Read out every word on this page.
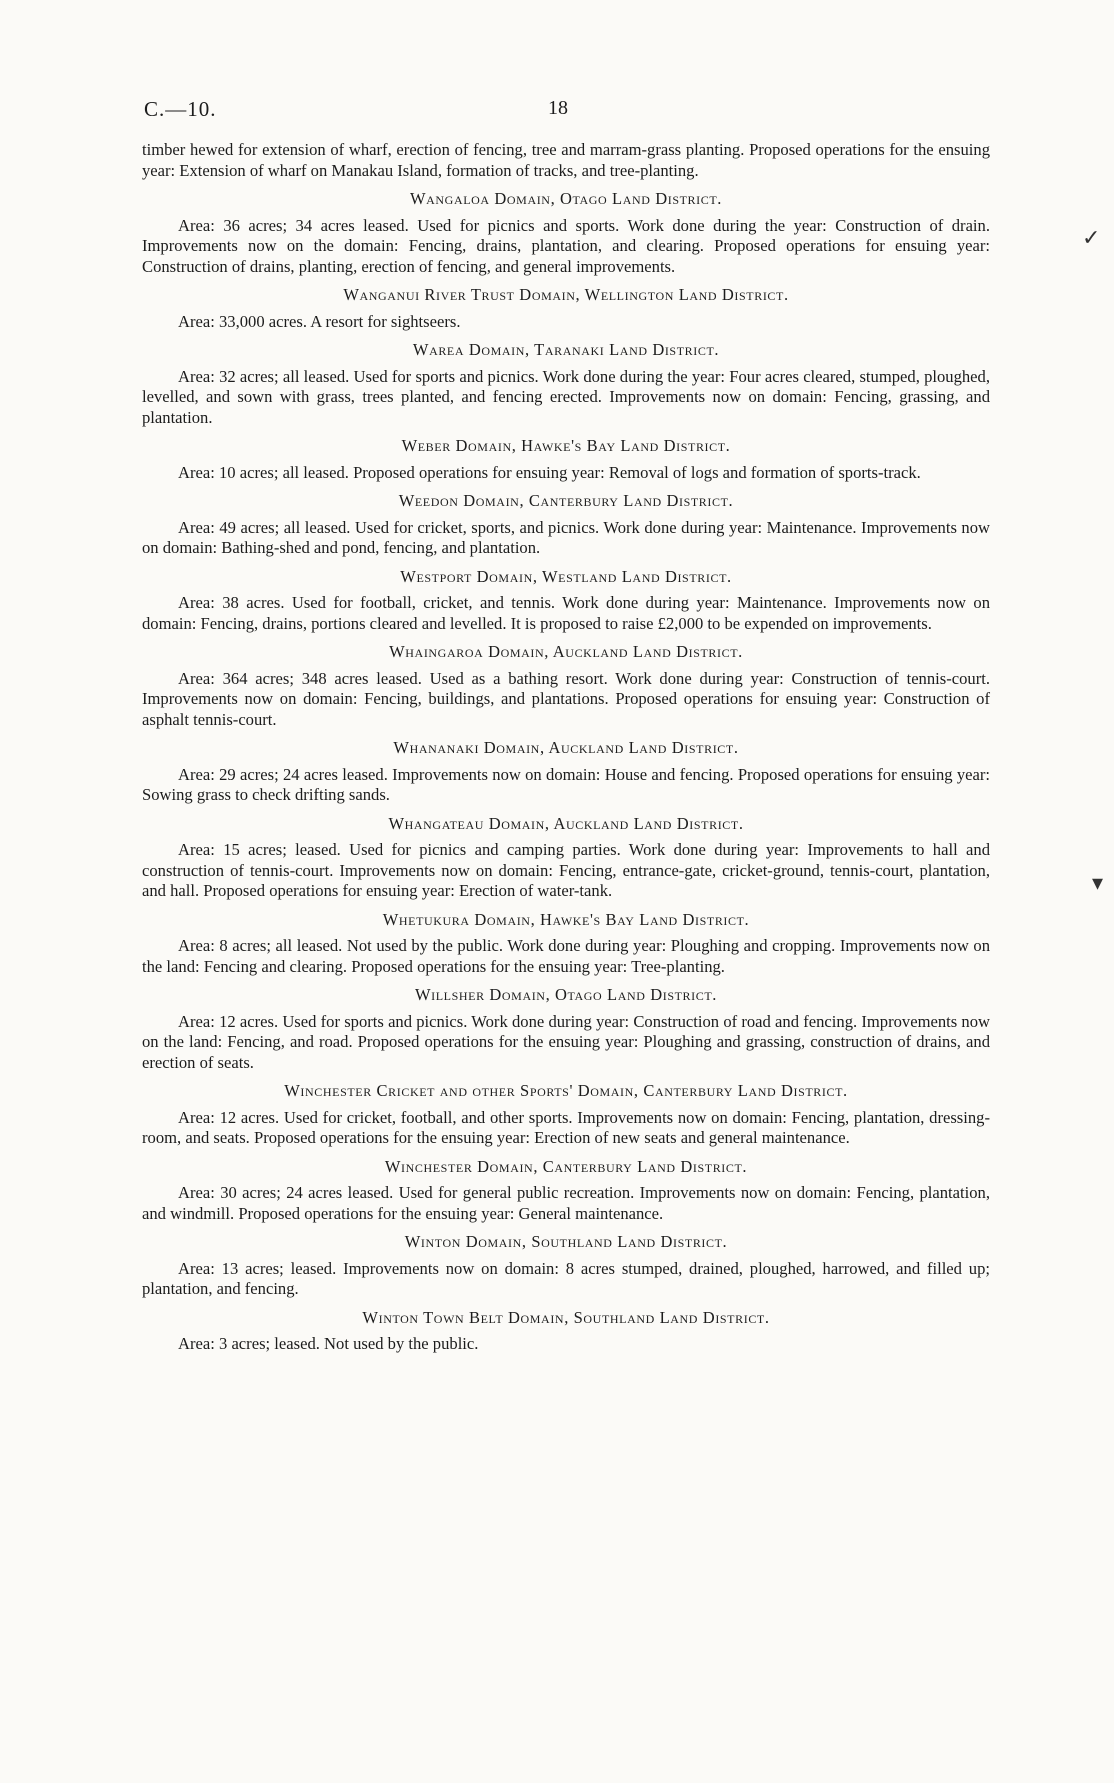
C.—10.	18
✓
▾

timber hewed for extension of wharf, erection of fencing, tree and marram-grass planting. Proposed operations for the ensuing year: Extension of wharf on Manakau Island, formation of tracks, and tree-planting.

Wangaloa Domain, Otago Land District.

Area: 36 acres; 34 acres leased. Used for picnics and sports. Work done during the year: Construction of drain. Improvements now on the domain: Fencing, drains, plantation, and clearing. Proposed operations for ensuing year: Construction of drains, planting, erection of fencing, and general improvements.

Wanganui River Trust Domain, Wellington Land District.

Area: 33,000 acres. A resort for sightseers.

Warea Domain, Taranaki Land District.

Area: 32 acres; all leased. Used for sports and picnics. Work done during the year: Four acres cleared, stumped, ploughed, levelled, and sown with grass, trees planted, and fencing erected. Improvements now on domain: Fencing, grassing, and plantation.

Weber Domain, Hawke's Bay Land District.

Area: 10 acres; all leased. Proposed operations for ensuing year: Removal of logs and formation of sports-track.

Weedon Domain, Canterbury Land District.

Area: 49 acres; all leased. Used for cricket, sports, and picnics. Work done during year: Maintenance. Improvements now on domain: Bathing-shed and pond, fencing, and plantation.

Westport Domain, Westland Land District.

Area: 38 acres. Used for football, cricket, and tennis. Work done during year: Maintenance. Improvements now on domain: Fencing, drains, portions cleared and levelled. It is proposed to raise £2,000 to be expended on improvements.

Whaingaroa Domain, Auckland Land District.

Area: 364 acres; 348 acres leased. Used as a bathing resort. Work done during year: Construction of tennis-court. Improvements now on domain: Fencing, buildings, and plantations. Proposed operations for ensuing year: Construction of asphalt tennis-court.

Whananaki Domain, Auckland Land District.

Area: 29 acres; 24 acres leased. Improvements now on domain: House and fencing. Proposed operations for ensuing year: Sowing grass to check drifting sands.

Whangateau Domain, Auckland Land District.

Area: 15 acres; leased. Used for picnics and camping parties. Work done during year: Improvements to hall and construction of tennis-court. Improvements now on domain: Fencing, entrance-gate, cricket-ground, tennis-court, plantation, and hall. Proposed operations for ensuing year: Erection of water-tank.

Whetukura Domain, Hawke's Bay Land District.

Area: 8 acres; all leased. Not used by the public. Work done during year: Ploughing and cropping. Improvements now on the land: Fencing and clearing. Proposed operations for the ensuing year: Tree-planting.

Willsher Domain, Otago Land District.

Area: 12 acres. Used for sports and picnics. Work done during year: Construction of road and fencing. Improvements now on the land: Fencing, and road. Proposed operations for the ensuing year: Ploughing and grassing, construction of drains, and erection of seats.

Winchester Cricket and other Sports' Domain, Canterbury Land District.

Area: 12 acres. Used for cricket, football, and other sports. Improvements now on domain: Fencing, plantation, dressing-room, and seats. Proposed operations for the ensuing year: Erection of new seats and general maintenance.

Winchester Domain, Canterbury Land District.

Area: 30 acres; 24 acres leased. Used for general public recreation. Improvements now on domain: Fencing, plantation, and windmill. Proposed operations for the ensuing year: General maintenance.

Winton Domain, Southland Land District.

Area: 13 acres; leased. Improvements now on domain: 8 acres stumped, drained, ploughed, harrowed, and filled up; plantation, and fencing.

Winton Town Belt Domain, Southland Land District.

Area: 3 acres; leased. Not used by the public.
